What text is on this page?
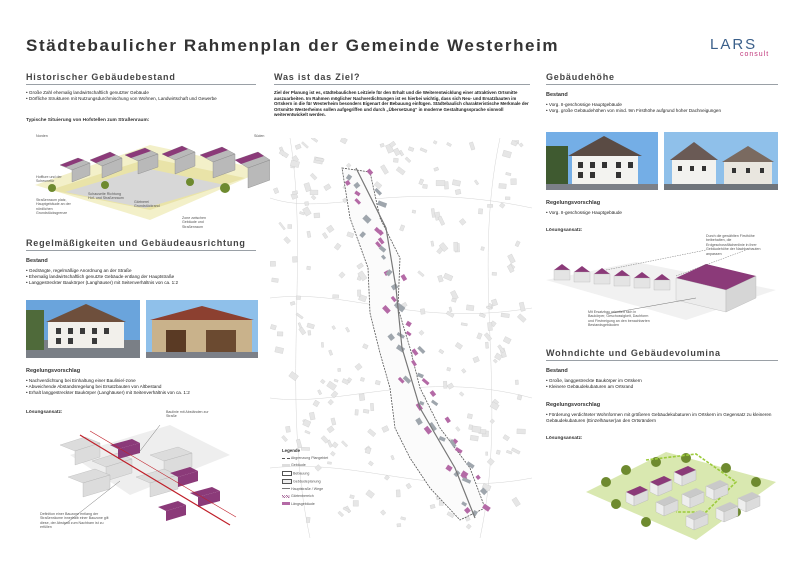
Städtebaulicher Rahmenplan der Gemeinde Westerheim	LARS
consult
Historischer Gebäudebestand
• Große Zahl ehemalig landwirtschaftlich genutzter Gebäude
• Dörfliche Strukturen mit Nutzungsdurchmischung von Wohnen, Landwirtschaft und Gewerbe
Typische Situierung von Hofstellen zum Straßenraum:
Norden	Süden
Hofflure und der Scheunefür
Straßenraum platz, Hauptgebäude an der nördlichen Grundstücksgrenze
Schauseite Richtung Hof- und Straßenraum
Gärtnerei Grundstückrand
Zone zwischen Gebäude und Straßenraum
Regelmäßigkeiten und Gebäudeausrichtung
Bestand
• Gedrängte, regelmäßige Anordnung an der Straße
• Ehemalig landwirtschaftlich genutzte Gebäude entlang der Hauptstraße
• Langgestreckter Baukörper (Langhäuser) mit Seitenverhältnis von ca. 1:2
Regelungsvorschlag
• Nachverdichtung bei Einhaltung einer Baulinie/-zone
• Abweichende Abstandsregelung bei Ersatzbauten von Altbestand
• Erhalt langgestreckter Baukörper (Langhäuser) mit Seitenverhältnis von ca. 1:2
Lösungsansatz:	Baulinie mit Abständen zur Straße
Definition einer Bauzone entlang der Straßenräume innerhalb einer Bauzone gilt diese, der Abstand zum Nachbarn ist zu erfüllen
Was ist das Ziel?
Ziel der Planung ist es, städtebaulichen Leitziele für den Erhalt und die Weiterentwicklung einer attraktiven Ortsmitte auszuarbeiten. Im Rahmen möglicher Nachverdichtungen ist es hierbei wichtig, dass sich Neu- und Ersatzbauten im Ortskern in die für Westerheim besonders Eigenart der Bebauung einfügen. Städtebaulich charakteristische Merkmale der Ortsmitte Westerheims sollen aufgegriffen und durch „Übersetzung“ in moderne Gestaltungssprache sinnvoll weiterentwickelt werden.
Legende
Abgrenzung Plangebiet
Gebäude
Bebauung
Gebäudeplanung
Hauptstraße / Wege
Gärtenbereich
Längsgebäude
Gebäudehöhe
Bestand
• Vorg. II-geschossige Hauptgebäude
• Vorg. große Gebäudehöhen von mind. 9m Firsthöhe aufgrund hoher Dachneigungen
Regelungsvorschlag
• Vorg. II-geschossige Hauptgebäude
Lösungsansatz:
Durch die gewählten Firsthöhe beibehalten, die Erdgeschossflächenlinie in ihrer Gebäudehöhe der Nachbarbauten anpassen
Mit Ersatzbau orientiert sich in Baukörper, Geschossigkeit, Dachform und Firstneigung an den benachbarten Bestandsgebäuden
Wohndichte und Gebäudevolumina
Bestand
• Große, langgestreckte Baukörper im Ortskern
• Kleinere Gebäudekubaturen am Ortsrand
Regelungsvorschlag
• Förderung verdichteter Wohnformen mit größeren Gebäudekubaturen im Ortskern im Gegensatz zu kleineren Gebäudekubaturen (Einzelhäuser)an den Ortsrändern
Lösungsansatz:
